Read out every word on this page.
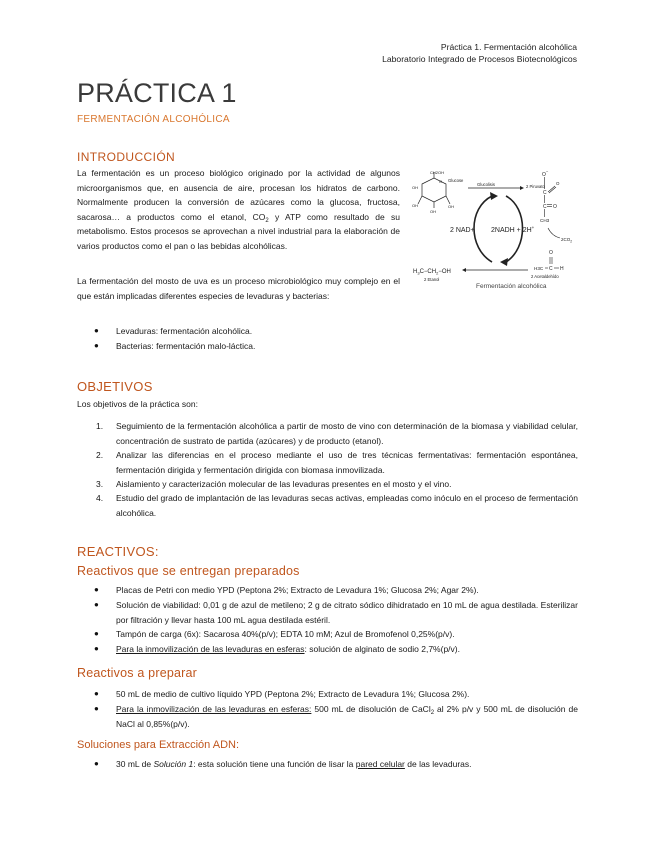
Práctica 1. Fermentación alcohólica
Laboratorio Integrado de Procesos Biotecnológicos
PRÁCTICA 1
FERMENTACIÓN ALCOHÓLICA
INTRODUCCIÓN
La fermentación es un proceso biológico originado por la actividad de algunos microorganismos que, en ausencia de aire, procesan los hidratos de carbono. Normalmente producen la conversión de azúcares como la glucosa, fructosa, sacarosa… a productos como el etanol, $CO_2$ y ATP como resultado de su metabolismo. Estos procesos se aprovechan a nivel industrial para la elaboración de varios productos como el pan o las bebidas alcohólicas.
CH2OH
O
OH
OH
OH
OH
Glucose
Glucolisis	2 Piruvato
O
−
C
C O
CH3
O
2 NAD+ 2NADH + 2H+
$2CO_2$
H3C C
O
H
2 Acetaldehído
$H_3C-CH_2-OH$
2 Etanol
Fermentación alcohólica
La fermentación del mosto de uva es un proceso microbiológico muy complejo en el que están implicadas diferentes especies de levaduras y bacterias:
● Levaduras: fermentación alcohólica.
● Bacterias: fermentación malo-láctica.
OBJETIVOS
Los objetivos de la práctica son:
1. Seguimiento de la fermentación alcohólica a partir de mosto de vino con determinación de la biomasa y viabilidad celular, concentración de sustrato de partida (azúcares) y de producto (etanol).
2. Analizar las diferencias en el proceso mediante el uso de tres técnicas fermentativas: fermentación espontánea, fermentación dirigida y fermentación dirigida con biomasa inmovilizada.
3. Aislamiento y caracterización molecular de las levaduras presentes en el mosto y el vino.
4. Estudio del grado de implantación de las levaduras secas activas, empleadas como inóculo en el proceso de fermentación alcohólica.
REACTIVOS:
Reactivos que se entregan preparados
● Placas de Petri con medio YPD (Peptona 2%; Extracto de Levadura 1%; Glucosa 2%; Agar 2%).
● Solución de viabilidad: 0,01 g de azul de metileno; 2 g de citrato sódico dihidratado en 10 mL de agua destilada. Esterilizar por filtración y llevar hasta 100 mL agua destilada estéril.
● Tampón de carga (6x): Sacarosa 40%(p/v); EDTA 10 mM; Azul de Bromofenol 0,25%(p/v).
● Para la inmovilización de las levaduras en esferas: solución de alginato de sodio 2,7%(p/v).
Reactivos a preparar
● 50 mL de medio de cultivo líquido YPD (Peptona 2%; Extracto de Levadura 1%; Glucosa 2%).
● Para la inmovilización de las levaduras en esferas: 500 mL de disolución de CaCl$_2$ al 2% p/v y 500 mL de disolución de NaCl al 0,85%(p/v).
Soluciones para Extracción ADN:
● 30 mL de Solución 1: esta solución tiene una función de lisar la pared celular de las levaduras.
